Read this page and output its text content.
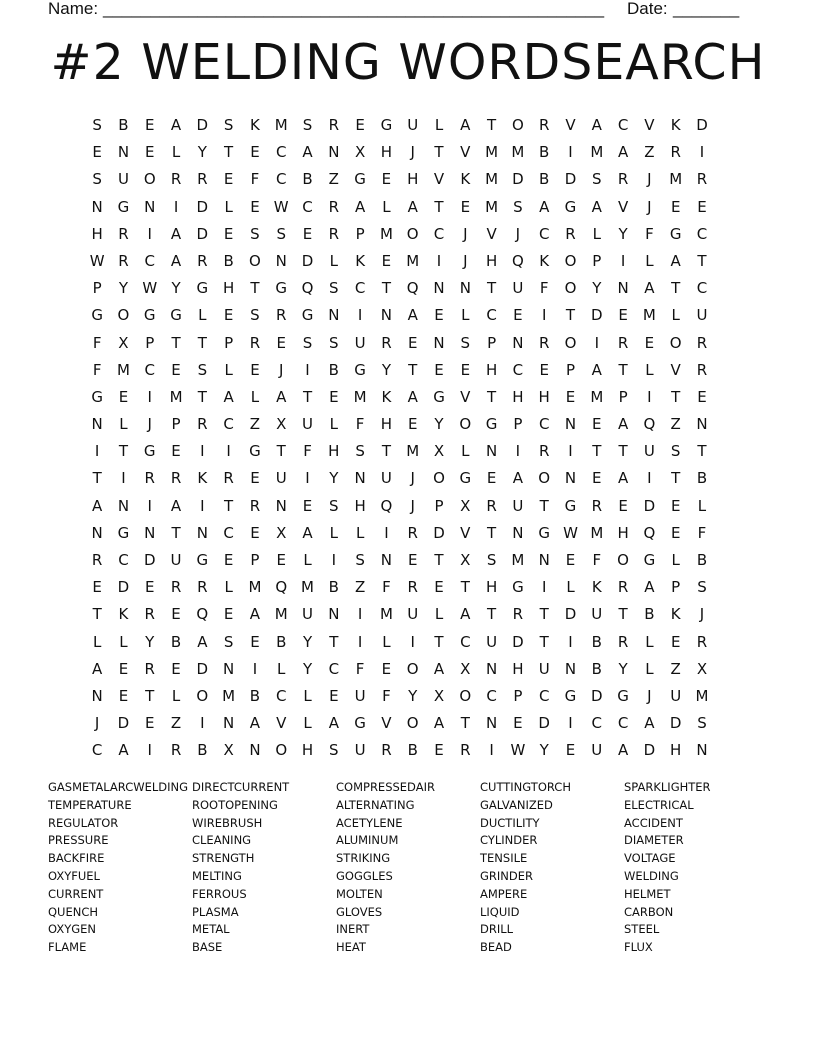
Name: _____________________________________________________ Date: _______
#2 WELDING WORDSEARCH
S	B	E	A	D	S	K M	S	R	E	G	U	L	A	T	O	R	V	A	C	V	K	D
E	N	E	L	Y	T	E	C	A	N	X	H	J	T	V M M B	I	M A	Z	R	I
S	U O	R	R	E	F	C	B	Z	G	E	H	V	K M D	B	D	S	R	J	M R
N G N	I	D	L	E W C	R	A	L	A	T	E	M	S	A	G	A	V	J	E	E
H	R	I	A	D	E	S	S	E	R	P	M O	C	J	V	J	C	R	L	Y	F	G	C
W R	C	A	R	B	O N D	L	K	E	M	I	J	H Q	K	O	P	I	L	A	T
P	Y W Y	G H	T	G Q	S	C	T	Q N	N	T	U	F	O	Y	N	A	T	C
G O G G	L	E	S	R	G N	I	N	A	E	L	C	E	I	T	D	E	M	L	U
F	X	P	T	T	P	R	E	S	S	U	R	E	N	S	P	N	R	O	I	R	E	O	R
F	M C	E	S	L	E	J	I	B	G	Y	T	E	E	H	C	E	P	A	T	L	V	R
G	E	I	M	T	A	L	A	T	E	M K	A	G	V	T	H	H	E	M	P	I	T	E
N	L	J	P	R	C	Z	X	U	L	F	H	E	Y	O G	P	C	N	E	A	Q	Z	N
I	T	G	E	I	I	G	T	F	H	S	T	M X	L	N	I	R	I	T	T	U	S	T
T	I	R	R	K	R	E	U	I	Y	N	U	J	O G	E	A	O N	E	A	I	T	B
A	N	I	A	I	T	R	N	E	S	H Q	J	P	X	R	U	T	G	R	E	D	E	L
N G N	T	N	C	E	X	A	L	L	I	R	D	V	T	N G W M H Q	E	F
R	C	D	U G	E	P	E	L	I	S	N	E	T	X	S	M N	E	F	O G	L	B
E	D	E	R	R	L	M Q M B	Z	F	R	E	T	H G	I	L	K	R	A	P	S
T	K	R	E	Q	E	A M U	N	I	M U	L	A	T	R	T	D	U	T	B	K	J
L	L	Y	B	A	S	E	B	Y	T	I	L	I	T	C	U	D	T	I	B	R	L	E	R
A	E	R	E	D N	I	L	Y	C	F	E	O	A	X	N	H	U	N	B	Y	L	Z	X
N	E	T	L	O M B	C	L	E	U	F	Y	X	O	C	P	C	G D G	J	U M
J	D	E	Z	I	N	A	V	L	A	G	V	O	A	T	N	E	D	I	C	C	A	D	S
C	A	I	R	B	X	N O H	S	U	R	B	E	R	I	W Y	E	U	A	D H	N
GASMETALARCWELDING DIRECTCURRENT	COMPRESSEDAIR	CUTTINGTORCH	SPARKLIGHTER
TEMPERATURE	ROOTOPENING	ALTERNATING	GALVANIZED	ELECTRICAL
REGULATOR	WIREBRUSH	ACETYLENE	DUCTILITY	ACCIDENT
PRESSURE	CLEANING	ALUMINUM	CYLINDER	DIAMETER
BACKFIRE	STRENGTH	STRIKING	TENSILE	VOLTAGE
OXYFUEL	MELTING	GOGGLES	GRINDER	WELDING
CURRENT	FERROUS	MOLTEN	AMPERE	HELMET
QUENCH	PLASMA	GLOVES	LIQUID	CARBON
OXYGEN	METAL	INERT	DRILL	STEEL
FLAME	BASE	HEAT	BEAD	FLUX
